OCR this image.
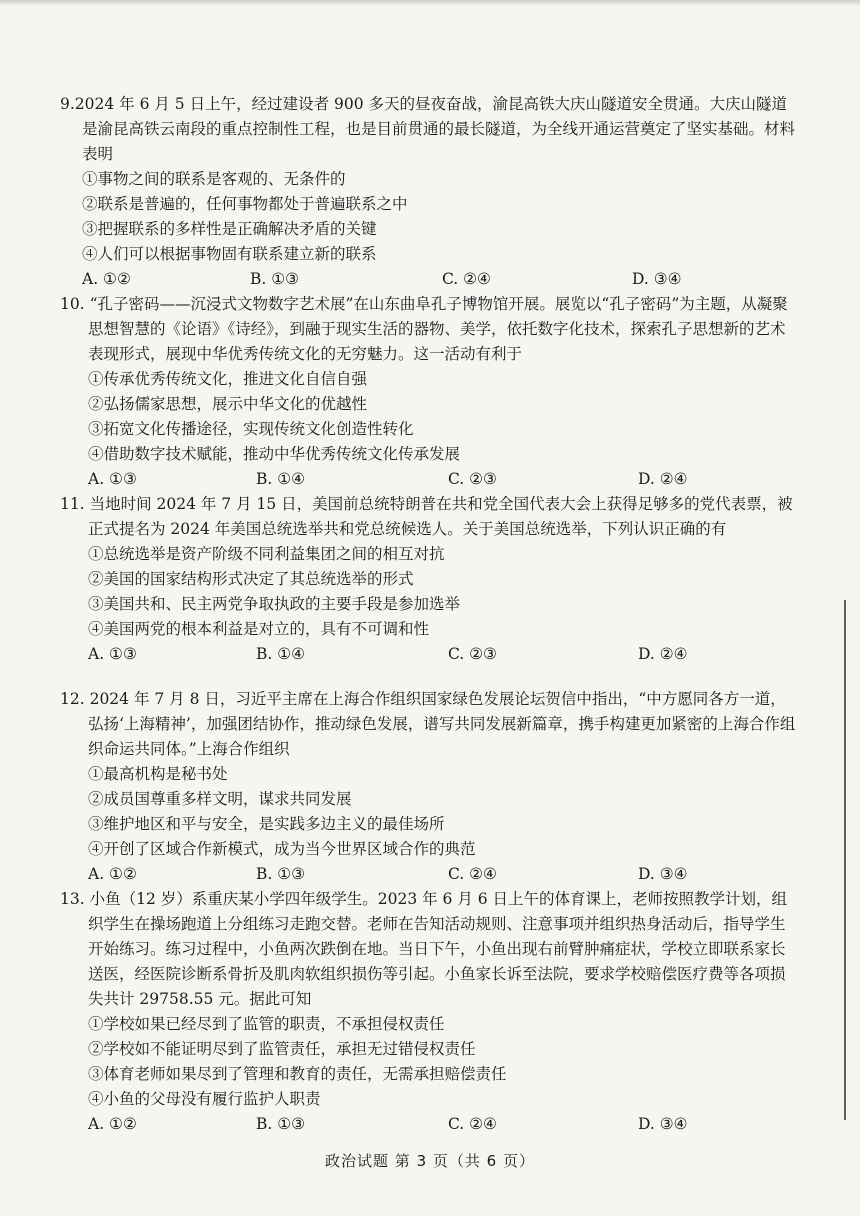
9.2024 年 6 月 5 日上午，经过建设者 900 多天的昼夜奋战，渝昆高铁大庆山隧道安全贯通。大庆山隧道是渝昆高铁云南段的重点控制性工程，也是目前贯通的最长隧道，为全线开通运营奠定了坚实基础。材料表明

①事物之间的联系是客观的、无条件的

②联系是普遍的，任何事物都处于普遍联系之中

③把握联系的多样性是正确解决矛盾的关键

④人们可以根据事物固有联系建立新的联系

A. ①②	B. ①③	C. ②④	D. ③④

10. “孔子密码——沉浸式文物数字艺术展”在山东曲阜孔子博物馆开展。展览以“孔子密码”为主题，从凝聚思想智慧的《论语》《诗经》，到融于现实生活的器物、美学，依托数字化技术，探索孔子思想新的艺术表现形式，展现中华优秀传统文化的无穷魅力。这一活动有利于

①传承优秀传统文化，推进文化自信自强

②弘扬儒家思想，展示中华文化的优越性

③拓宽文化传播途径，实现传统文化创造性转化

④借助数字技术赋能，推动中华优秀传统文化传承发展

A. ①③	B. ①④	C. ②③	D. ②④

11. 当地时间 2024 年 7 月 15 日，美国前总统特朗普在共和党全国代表大会上获得足够多的党代表票，被正式提名为 2024 年美国总统选举共和党总统候选人。关于美国总统选举，下列认识正确的有

①总统选举是资产阶级不同利益集团之间的相互对抗

②美国的国家结构形式决定了其总统选举的形式

③美国共和、民主两党争取执政的主要手段是参加选举

④美国两党的根本利益是对立的，具有不可调和性

A. ①③	B. ①④	C. ②③	D. ②④

12. 2024 年 7 月 8 日，习近平主席在上海合作组织国家绿色发展论坛贺信中指出，“中方愿同各方一道，弘扬‘上海精神’，加强团结协作，推动绿色发展，谱写共同发展新篇章，携手构建更加紧密的上海合作组织命运共同体。”上海合作组织

①最高机构是秘书处

②成员国尊重多样文明，谋求共同发展

③维护地区和平与安全，是实践多边主义的最佳场所

④开创了区域合作新模式，成为当今世界区域合作的典范

A. ①②	B. ①③	C. ②④	D. ③④

13. 小鱼（12 岁）系重庆某小学四年级学生。2023 年 6 月 6 日上午的体育课上，老师按照教学计划，组织学生在操场跑道上分组练习走跑交替。老师在告知活动规则、注意事项并组织热身活动后，指导学生开始练习。练习过程中，小鱼两次跌倒在地。当日下午，小鱼出现右前臂肿痛症状，学校立即联系家长送医，经医院诊断系骨折及肌肉软组织损伤等引起。小鱼家长诉至法院，要求学校赔偿医疗费等各项损失共计 29758.55 元。据此可知

①学校如果已经尽到了监管的职责，不承担侵权责任

②学校如不能证明尽到了监管责任，承担无过错侵权责任

③体育老师如果尽到了管理和教育的责任，无需承担赔偿责任

④小鱼的父母没有履行监护人职责

A. ①②	B. ①③	C. ②④	D. ③④
政治试题 第 3 页（共 6 页）
